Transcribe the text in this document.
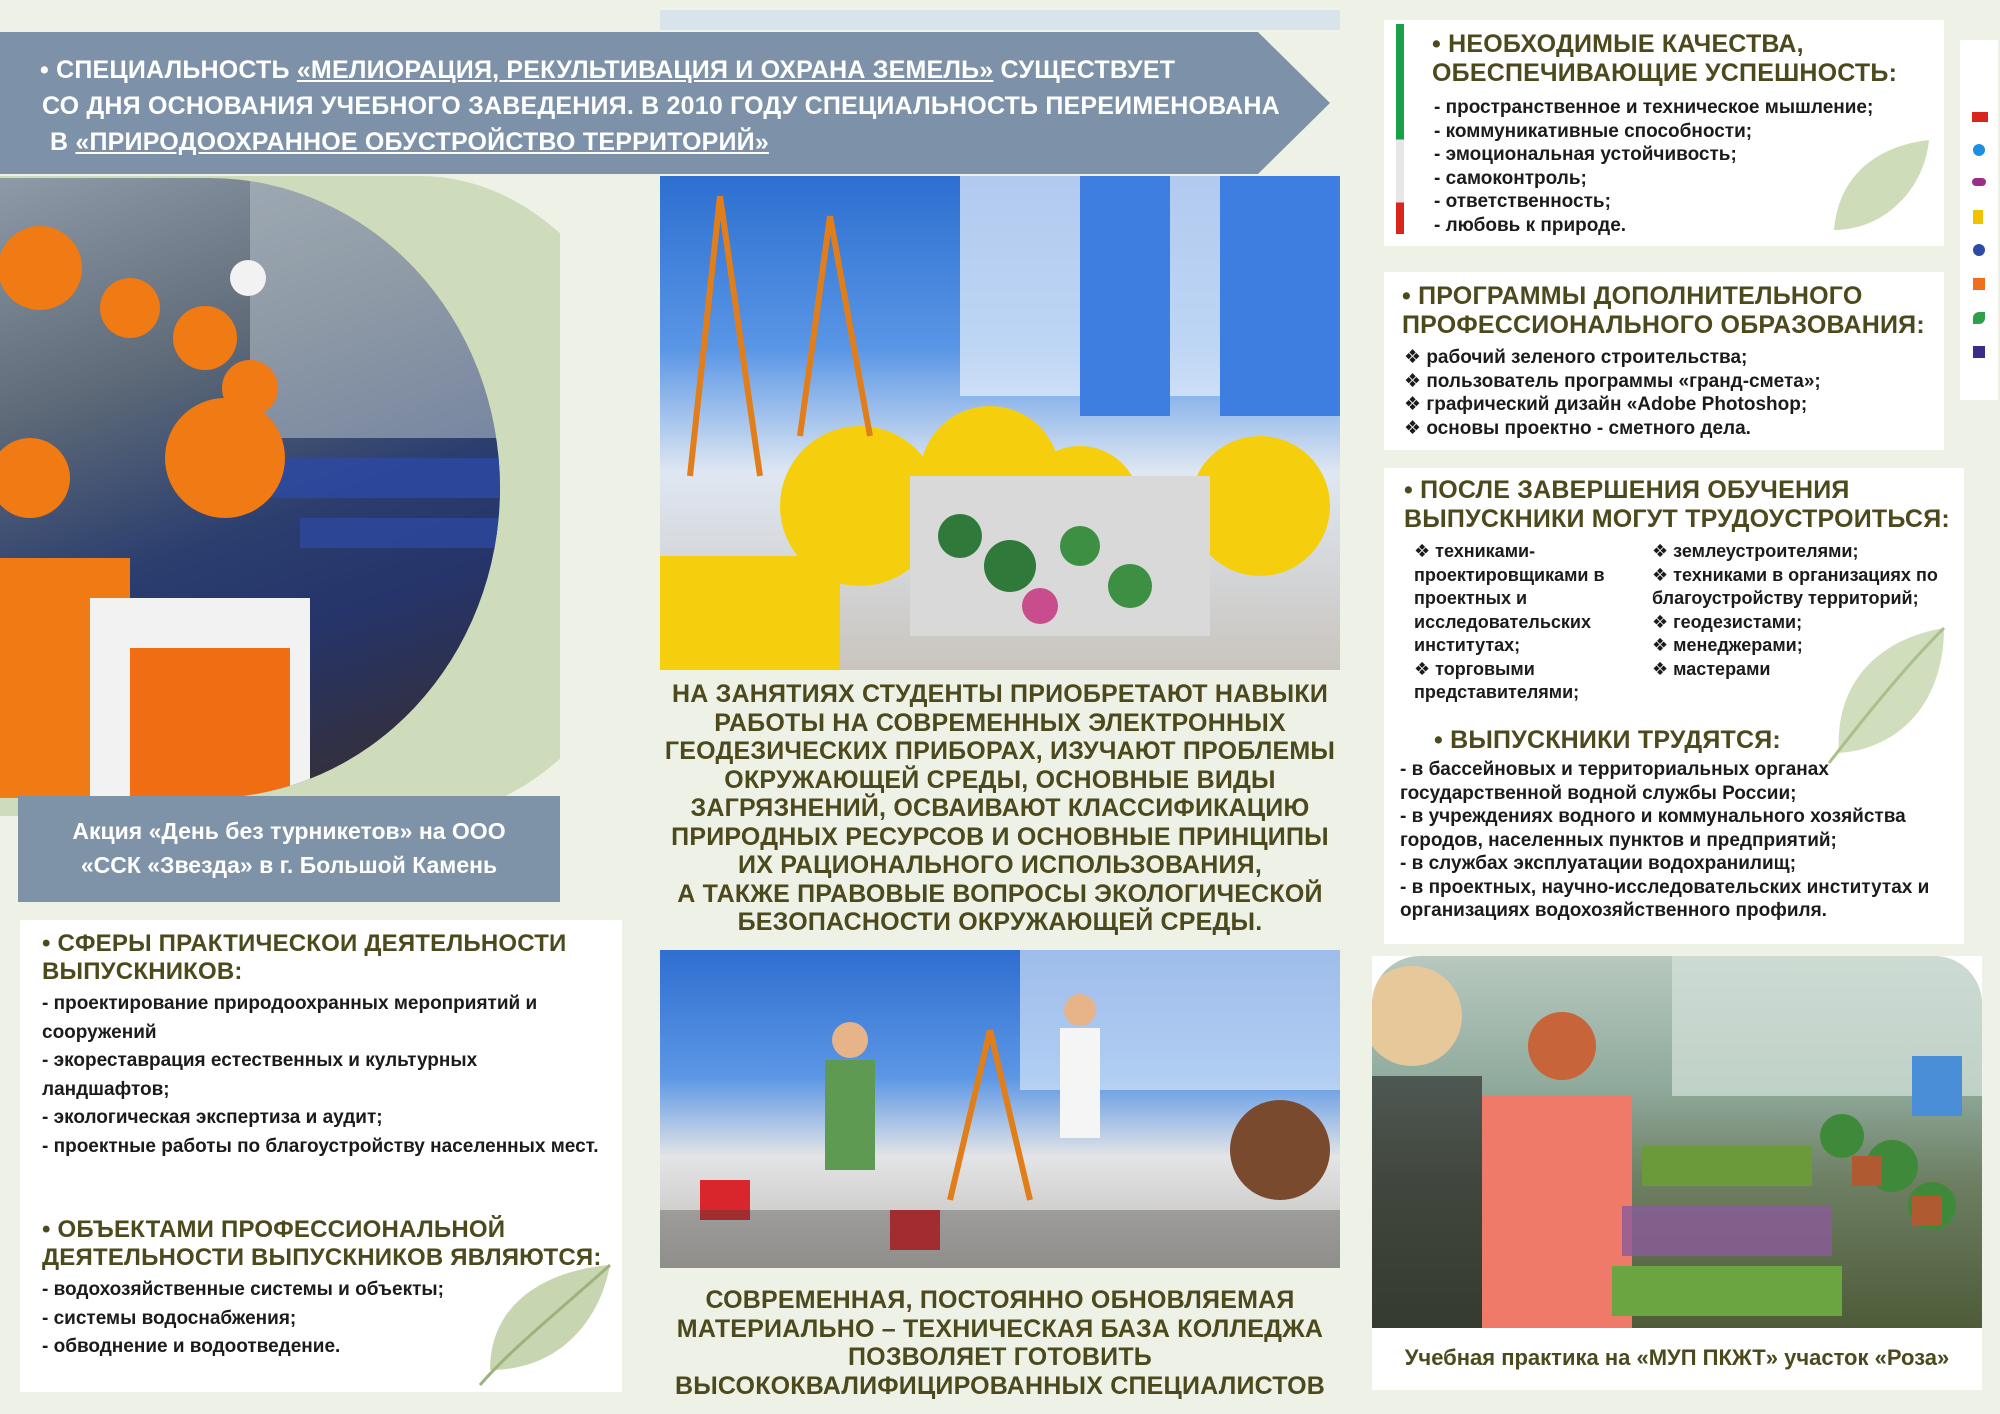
• СПЕЦИАЛЬНОСТЬ «МЕЛИОРАЦИЯ, РЕКУЛЬТИВАЦИЯ И ОХРАНА ЗЕМЕЛЬ» СУЩЕСТВУЕТ
СО ДНЯ ОСНОВАНИЯ УЧЕБНОГО ЗАВЕДЕНИЯ. В 2010 ГОДУ СПЕЦИАЛЬНОСТЬ ПЕРЕИМЕНОВАНА
В «ПРИРОДООХРАННОЕ ОБУСТРОЙСТВО ТЕРРИТОРИЙ»
Акция «День без турникетов» на ООО
«ССК «Звезда» в г. Большой Камень
• СФЕРЫ ПРАКТИЧЕСКОИ ДЕЯТЕЛЬНОСТИ
ВЫПУСКНИКОВ:
- проектирование природоохранных мероприятий и сооружений
- экореставрация естественных и культурных ландшафтов;
- экологическая экспертиза и аудит;
- проектные работы по благоустройству населенных мест.
• ОБЪЕКТАМИ ПРОФЕССИОНАЛЬНОЙ
ДЕЯТЕЛЬНОСТИ ВЫПУСКНИКОВ ЯВЛЯЮТСЯ:
- водохозяйственные системы и объекты;
- системы водоснабжения;
- обводнение и водоотведение.
НА ЗАНЯТИЯХ СТУДЕНТЫ ПРИОБРЕТАЮТ НАВЫКИ
РАБОТЫ НА СОВРЕМЕННЫХ ЭЛЕКТРОННЫХ
ГЕОДЕЗИЧЕСКИХ ПРИБОРАХ, ИЗУЧАЮТ ПРОБЛЕМЫ
ОКРУЖАЮЩЕЙ СРЕДЫ, ОСНОВНЫЕ ВИДЫ
ЗАГРЯЗНЕНИЙ, ОСВАИВАЮТ КЛАССИФИКАЦИЮ
ПРИРОДНЫХ РЕСУРСОВ И ОСНОВНЫЕ ПРИНЦИПЫ
ИХ РАЦИОНАЛЬНОГО ИСПОЛЬЗОВАНИЯ,
А ТАКЖЕ ПРАВОВЫЕ ВОПРОСЫ ЭКОЛОГИЧЕСКОЙ
БЕЗОПАСНОСТИ ОКРУЖАЮЩЕЙ СРЕДЫ.
СОВРЕМЕННАЯ, ПОСТОЯННО ОБНОВЛЯЕМАЯ
МАТЕРИАЛЬНО – ТЕХНИЧЕСКАЯ БАЗА КОЛЛЕДЖА
ПОЗВОЛЯЕТ ГОТОВИТЬ
ВЫСОКОКВАЛИФИЦИРОВАННЫХ СПЕЦИАЛИСТОВ
• НЕОБХОДИМЫЕ КАЧЕСТВА,
ОБЕСПЕЧИВАЮЩИЕ УСПЕШНОСТЬ:
- пространственное и техническое мышление;
- коммуникативные способности;
- эмоциональная устойчивость;
- самоконтроль;
- ответственность;
- любовь к природе.
• ПРОГРАММЫ ДОПОЛНИТЕЛЬНОГО
ПРОФЕССИОНАЛЬНОГО ОБРАЗОВАНИЯ:
❖ рабочий зеленого строительства;
❖ пользователь программы «гранд-смета»;
❖ графический дизайн «Adobe Photoshop;
❖ основы проектно - сметного дела.
• ПОСЛЕ ЗАВЕРШЕНИЯ ОБУЧЕНИЯ
ВЫПУСКНИКИ МОГУТ ТРУДОУСТРОИТЬСЯ:
❖ техниками-проектировщиками в проектных и исследовательских институтах;
❖ торговыми представителями;
❖ землеустроителями;
❖ техниками в организациях по благоустройству территорий;
❖ геодезистами;
❖ менеджерами;
❖ мастерами
• ВЫПУСКНИКИ ТРУДЯТСЯ:
- в бассейновых и территориальных органах государственной водной службы России;
- в учреждениях водного и коммунального хозяйства городов, населенных пунктов и предприятий;
- в службах эксплуатации водохранилищ;
- в проектных, научно-исследовательских институтах и организациях водохозяйственного профиля.
Учебная практика на «МУП ПКЖТ» участок «Роза»
